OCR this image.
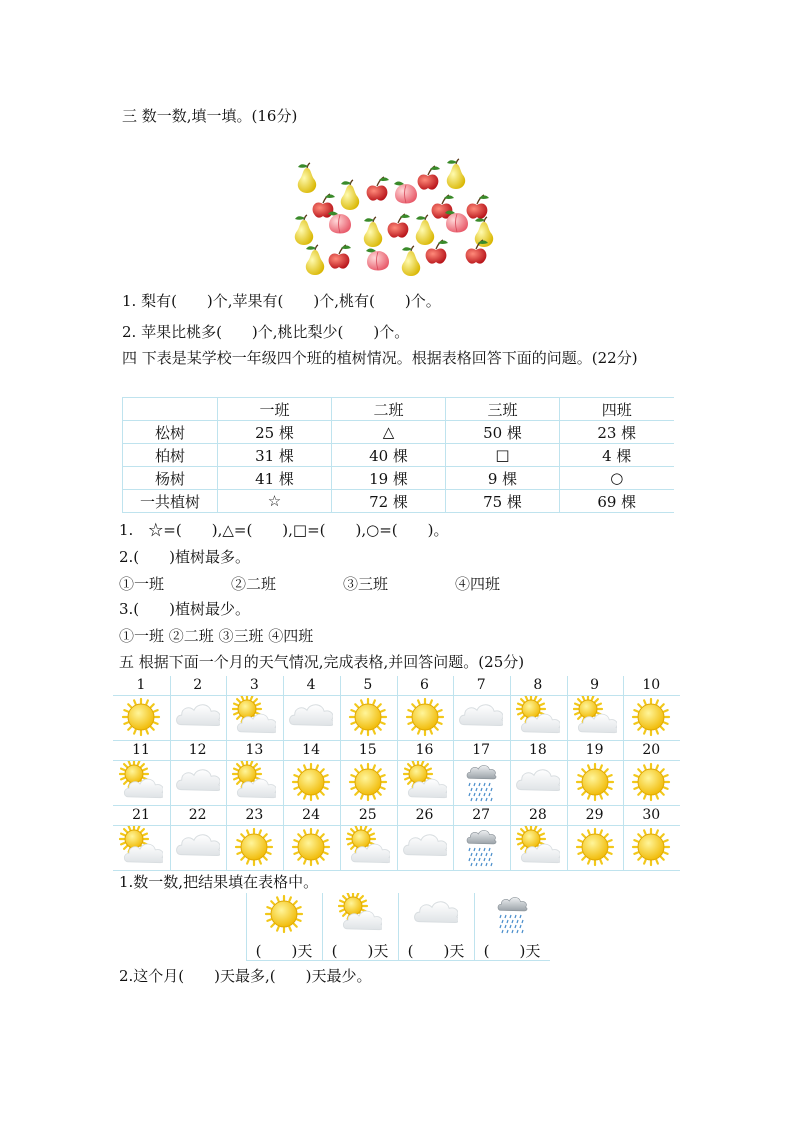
三 数一数,填一填。(16分)
1. 梨有(　　)个,苹果有(　　)个,桃有(　　)个。
2. 苹果比桃多(　　)个,桃比梨少(　　)个。
四 下表是某学校一年级四个班的植树情况。根据表格回答下面的问题。(22分)
	一班	二班	三班	四班
松树	25 棵	△	50 棵	23 棵
柏树	31 棵	40 棵	□	4 棵
杨树	41 棵	19 棵	9 棵	○
一共植树	☆	72 棵	75 棵	69 棵
1.　☆=(　　),△=(　　),□=(　　),○=(　　)。
2.(　　)植树最多。
①一班	②二班	③三班	④四班
3.(　　)植树最少。
①一班 ②二班 ③三班 ④四班
五 根据下面一个月的天气情况,完成表格,并回答问题。(25分)
1	2	3	4	5	6	7	8	9	10
11	12	13	14	15	16	17	18	19	20
21	22	23	24	25	26	27	28	29	30
1.数一数,把结果填在表格中。
(　　)天	(　　)天	(　　)天	(　　)天
2.这个月(　　)天最多,(　　)天最少。
